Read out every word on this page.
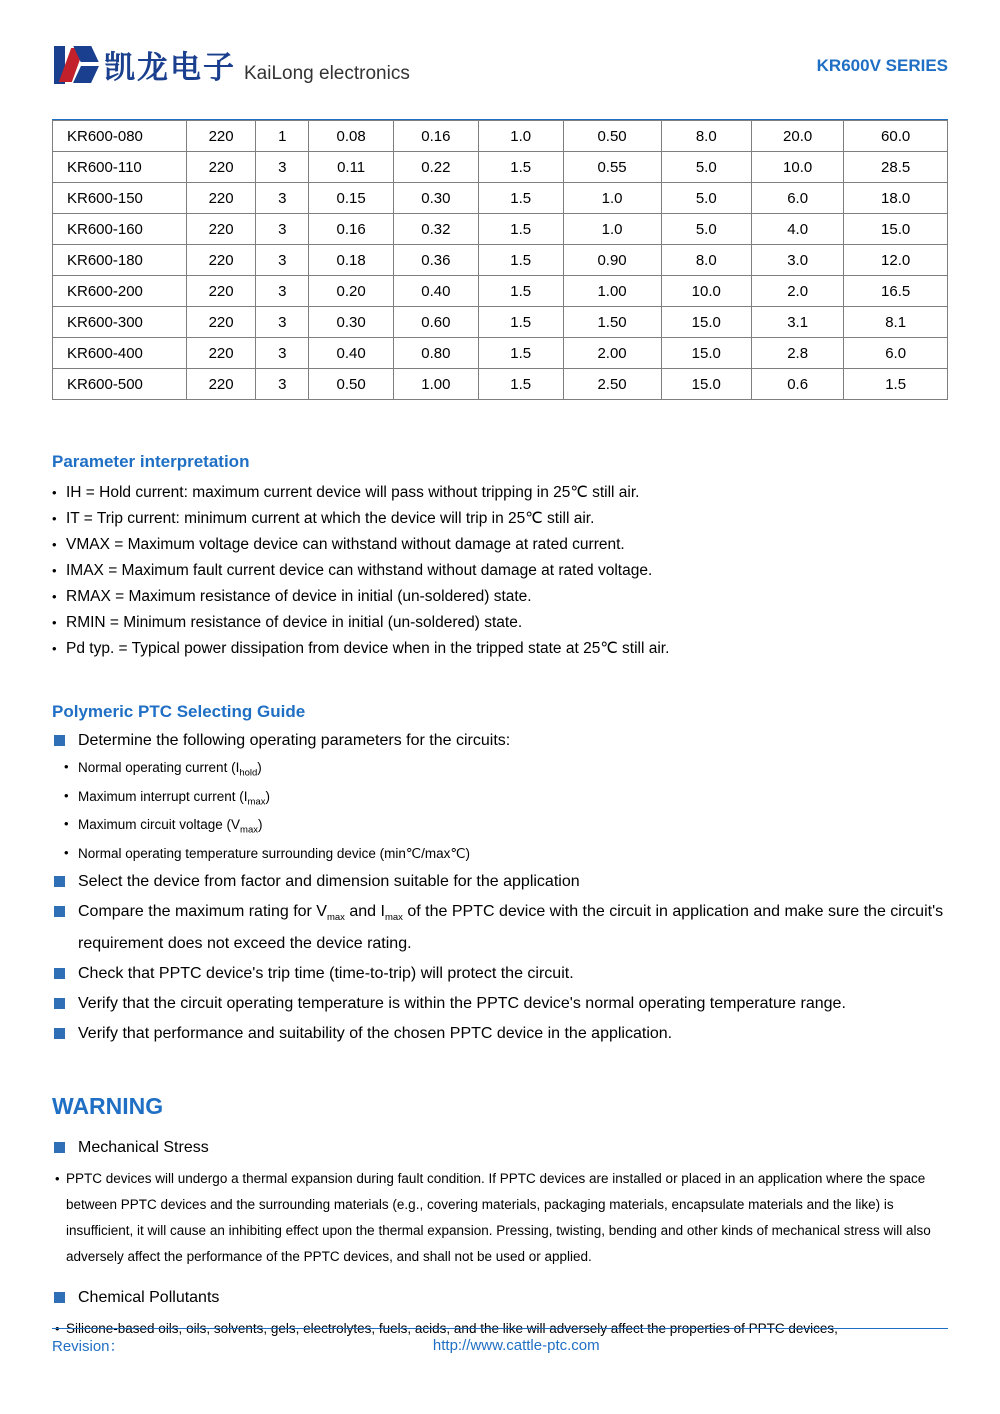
凯龙电子 KaiLong electronics	KR600V SERIES
KR600-080	220	1	0.08	0.16	1.0	0.50	8.0	20.0	60.0
KR600-110	220	3	0.11	0.22	1.5	0.55	5.0	10.0	28.5
KR600-150	220	3	0.15	0.30	1.5	1.0	5.0	6.0	18.0
KR600-160	220	3	0.16	0.32	1.5	1.0	5.0	4.0	15.0
KR600-180	220	3	0.18	0.36	1.5	0.90	8.0	3.0	12.0
KR600-200	220	3	0.20	0.40	1.5	1.00	10.0	2.0	16.5
KR600-300	220	3	0.30	0.60	1.5	1.50	15.0	3.1	8.1
KR600-400	220	3	0.40	0.80	1.5	2.00	15.0	2.8	6.0
KR600-500	220	3	0.50	1.00	1.5	2.50	15.0	0.6	1.5
Parameter interpretation
• IH = Hold current: maximum current device will pass without tripping in 25℃ still air.
• IT = Trip current: minimum current at which the device will trip in 25℃ still air.
• VMAX = Maximum voltage device can withstand without damage at rated current.
• IMAX = Maximum fault current device can withstand without damage at rated voltage.
• RMAX = Maximum resistance of device in initial (un-soldered) state.
• RMIN = Minimum resistance of device in initial (un-soldered) state.
• Pd typ. = Typical power dissipation from device when in the tripped state at 25℃ still air.
Polymeric PTC Selecting Guide
Determine the following operating parameters for the circuits:
• Normal operating current $(I_{hold})$
• Maximum interrupt current $(I_{max})$
• Maximum circuit voltage $(V_{max})$
• Normal operating temperature surrounding device (min℃/max℃)
Select the device from factor and dimension suitable for the application
Compare the maximum rating for $V_{max}$ and $I_{max}$ of the PPTC device with the circuit in application and make sure the circuit's requirement does not exceed the device rating.
Check that PPTC device's trip time (time-to-trip) will protect the circuit.
Verify that the circuit operating temperature is within the PPTC device's normal operating temperature range.
Verify that performance and suitability of the chosen PPTC device in the application.
WARNING
Mechanical Stress
• PPTC devices will undergo a thermal expansion during fault condition. If PPTC devices are installed or placed in an application where the space between PPTC devices and the surrounding materials (e.g., covering materials, packaging materials, encapsulate materials and the like) is insufficient, it will cause an inhibiting effect upon the thermal expansion. Pressing, twisting, bending and other kinds of mechanical stress will also adversely affect the performance of the PPTC devices, and shall not be used or applied.
Chemical Pollutants
• Silicone-based oils, oils, solvents, gels, electrolytes, fuels, acids, and the like will adversely affect the properties of PPTC devices,
Revision：	http://www.cattle-ptc.com
